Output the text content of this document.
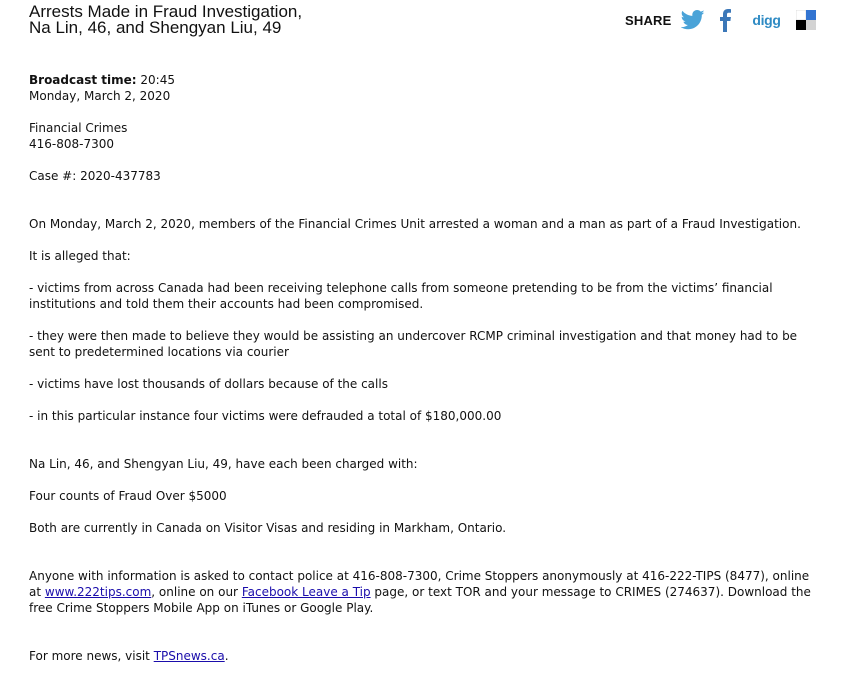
Arrests Made in Fraud Investigation,
Na Lin, 46, and Shengyan Liu, 49
Broadcast time: 20:45
Monday, March 2, 2020

Financial Crimes
416-808-7300

Case #: 2020-437783

On Monday, March 2, 2020, members of the Financial Crimes Unit arrested a woman and a man as part of a Fraud Investigation.

It is alleged that:

- victims from across Canada had been receiving telephone calls from someone pretending to be from the victims’ financial institutions and told them their accounts had been compromised.

- they were then made to believe they would be assisting an undercover RCMP criminal investigation and that money had to be sent to predetermined locations via courier

- victims have lost thousands of dollars because of the calls

- in this particular instance four victims were defrauded a total of $180,000.00

Na Lin, 46, and Shengyan Liu, 49, have each been charged with:

Four counts of Fraud Over $5000

Both are currently in Canada on Visitor Visas and residing in Markham, Ontario.

Anyone with information is asked to contact police at 416-808-7300, Crime Stoppers anonymously at 416-222-TIPS (8477), online at www.222tips.com, online on our Facebook Leave a Tip page, or text TOR and your message to CRIMES (274637). Download the free Crime Stoppers Mobile App on iTunes or Google Play.

For more news, visit TPSnews.ca.

SHARE	digg
